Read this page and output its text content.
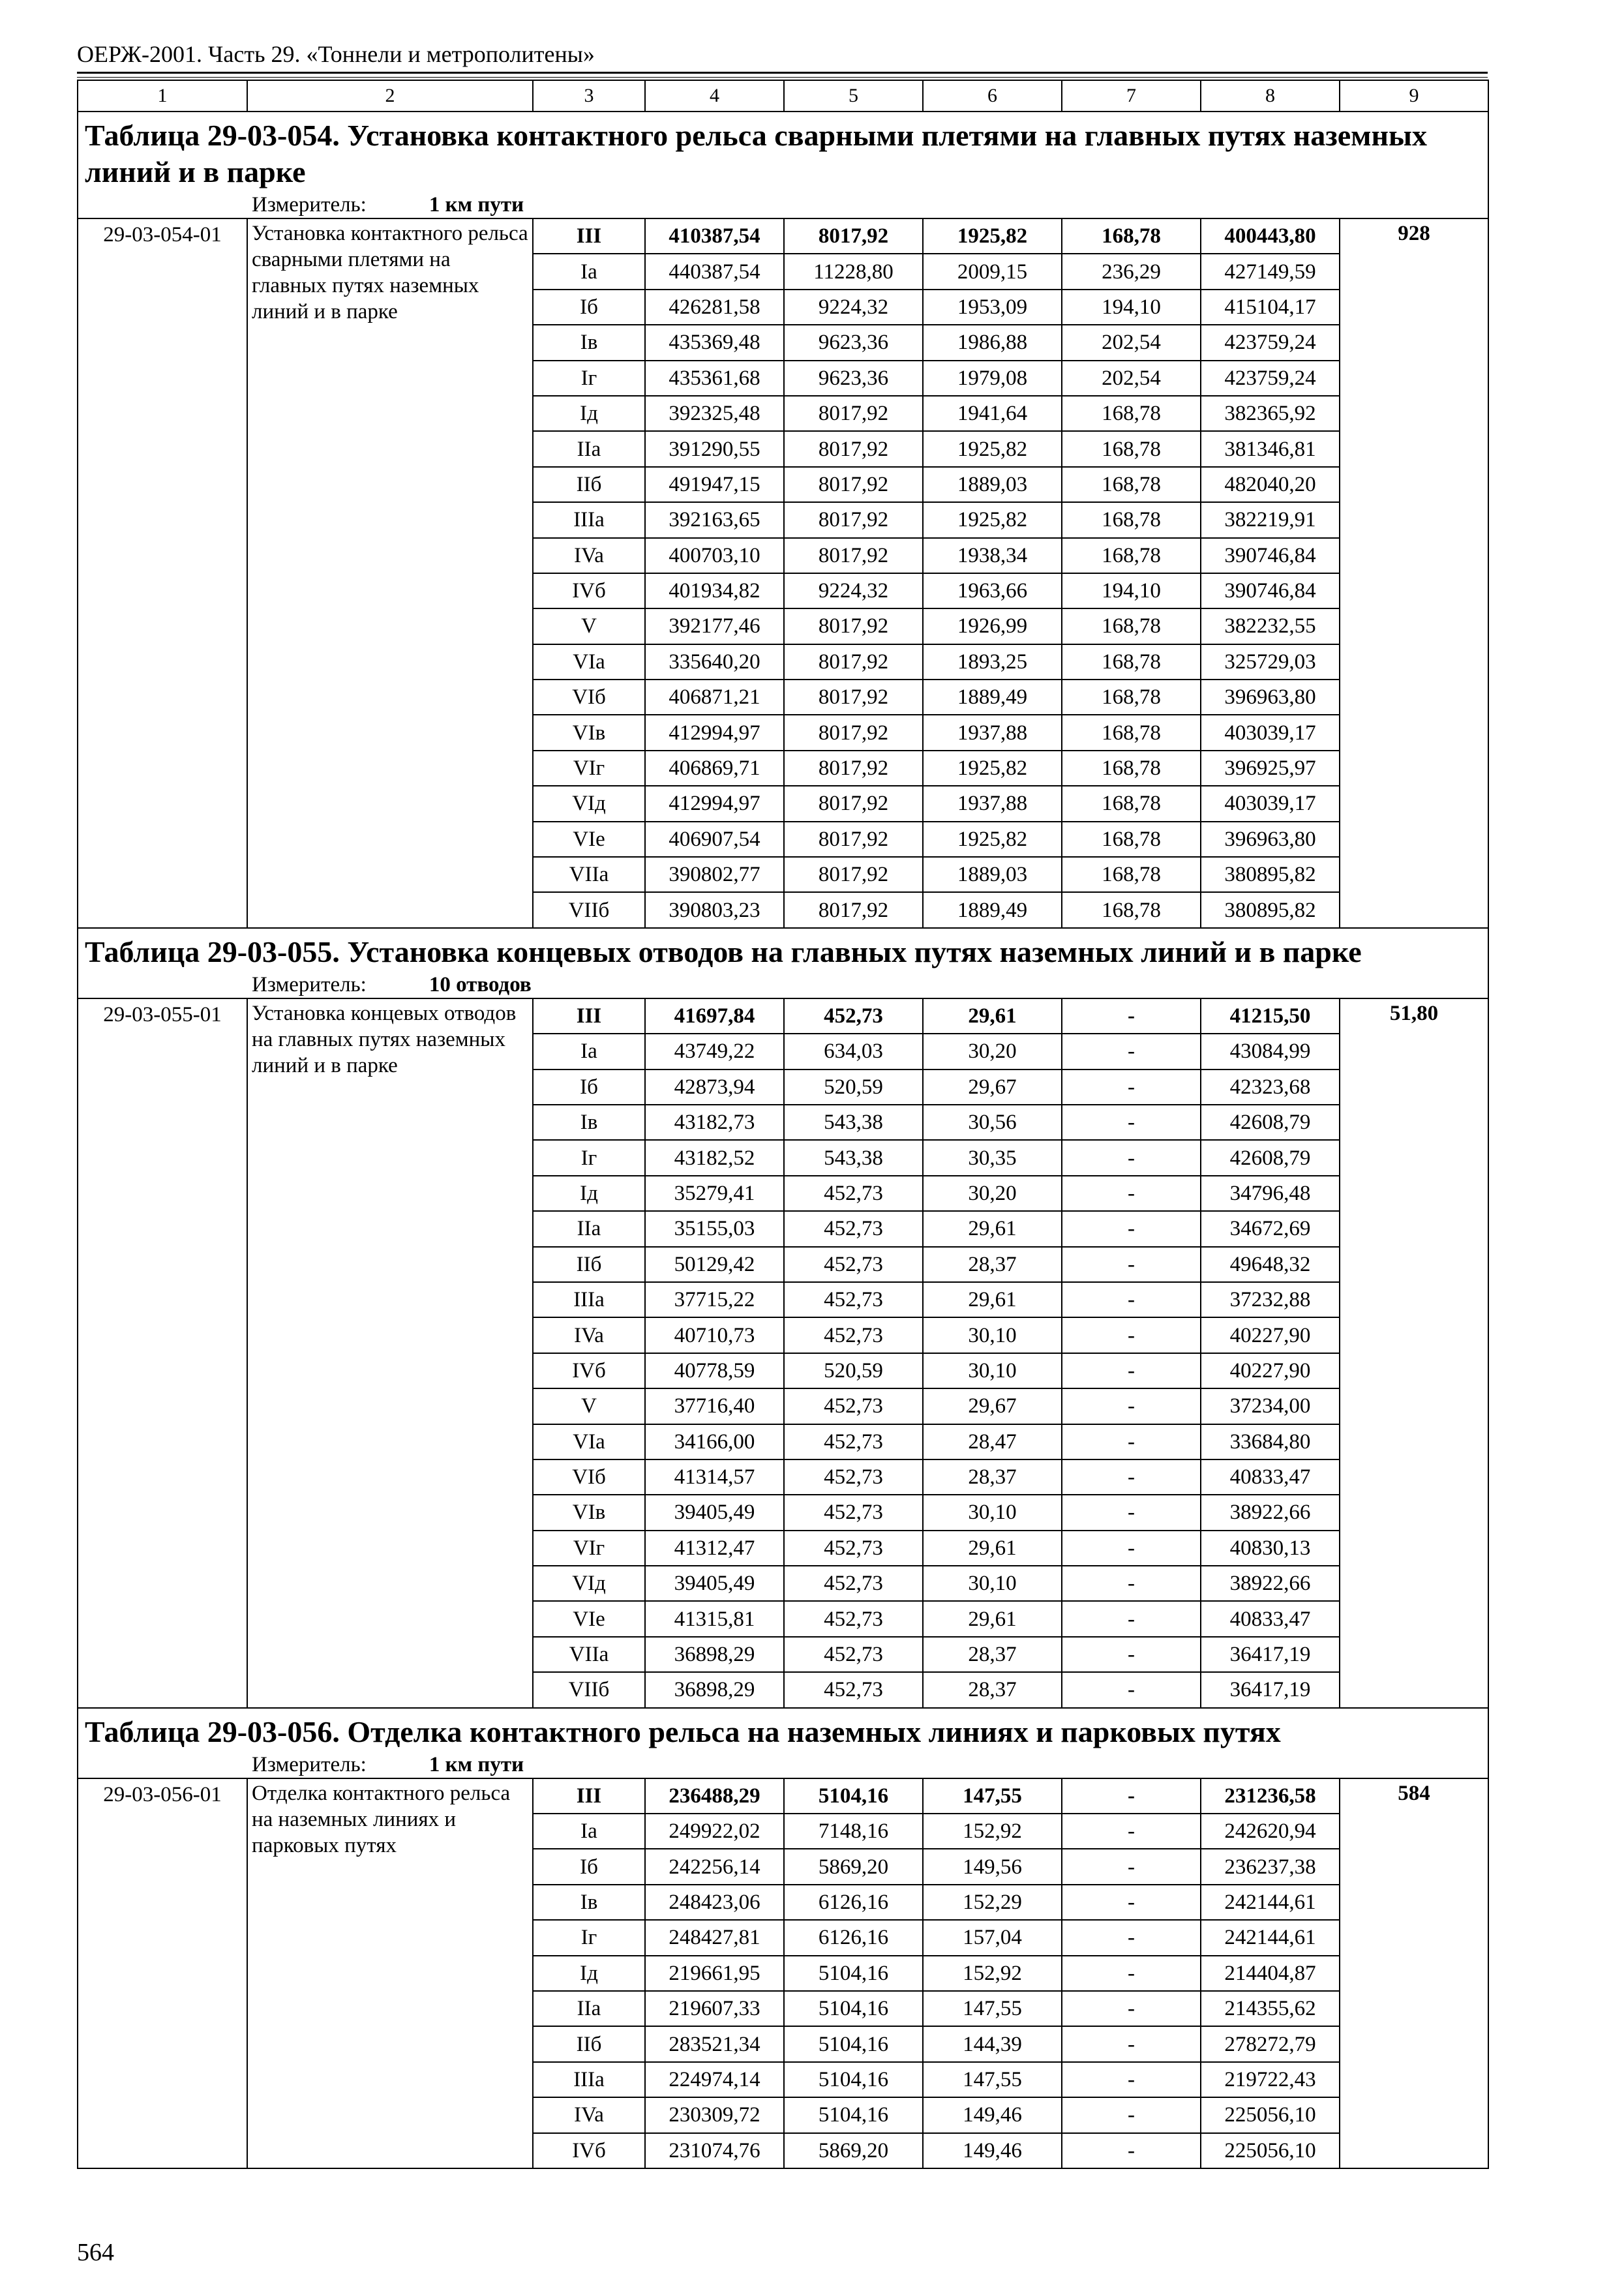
ОЕРЖ-2001. Часть 29. «Тоннели и метрополитены»
1	2	3	4	5	6	7	8	9

Таблица 29-03-054. Установка контактного рельса сварными плетями на главных путях наземных линий и в парке
Измеритель: 1 км пути								

29-03-054-01	Установка контактного рельса сварными плетями на главных путях наземных линий и в парке	III	410387,54	8017,92	1925,82	168,78	400443,80	928
		Ia	440387,54	11228,80	2009,15	236,29	427149,59	
		Iб	426281,58	9224,32	1953,09	194,10	415104,17	
		Iв	435369,48	9623,36	1986,88	202,54	423759,24	
		Iг	435361,68	9623,36	1979,08	202,54	423759,24	
		Iд	392325,48	8017,92	1941,64	168,78	382365,92	
		IIa	391290,55	8017,92	1925,82	168,78	381346,81	
		IIб	491947,15	8017,92	1889,03	168,78	482040,20	
		IIIa	392163,65	8017,92	1925,82	168,78	382219,91	
		IVa	400703,10	8017,92	1938,34	168,78	390746,84	
		IVб	401934,82	9224,32	1963,66	194,10	390746,84	
		V	392177,46	8017,92	1926,99	168,78	382232,55	
		VIa	335640,20	8017,92	1893,25	168,78	325729,03	
		VIб	406871,21	8017,92	1889,49	168,78	396963,80	
		VIв	412994,97	8017,92	1937,88	168,78	403039,17	
		VIг	406869,71	8017,92	1925,82	168,78	396925,97	
		VIд	412994,97	8017,92	1937,88	168,78	403039,17	
		VIе	406907,54	8017,92	1925,82	168,78	396963,80	
		VIIa	390802,77	8017,92	1889,03	168,78	380895,82	
		VIIб	390803,23	8017,92	1889,49	168,78	380895,82	

Таблица 29-03-055. Установка концевых отводов на главных путях наземных линий и в парке
Измеритель: 10 отводов								

29-03-055-01	Установка концевых отводов на главных путях наземных линий и в парке	III	41697,84	452,73	29,61	-	41215,50	51,80
		Ia	43749,22	634,03	30,20	-	43084,99	
		Iб	42873,94	520,59	29,67	-	42323,68	
		Iв	43182,73	543,38	30,56	-	42608,79	
		Iг	43182,52	543,38	30,35	-	42608,79	
		Iд	35279,41	452,73	30,20	-	34796,48	
		IIa	35155,03	452,73	29,61	-	34672,69	
		IIб	50129,42	452,73	28,37	-	49648,32	
		IIIa	37715,22	452,73	29,61	-	37232,88	
		IVa	40710,73	452,73	30,10	-	40227,90	
		IVб	40778,59	520,59	30,10	-	40227,90	
		V	37716,40	452,73	29,67	-	37234,00	
		VIa	34166,00	452,73	28,47	-	33684,80	
		VIб	41314,57	452,73	28,37	-	40833,47	
		VIв	39405,49	452,73	30,10	-	38922,66	
		VIг	41312,47	452,73	29,61	-	40830,13	
		VIд	39405,49	452,73	30,10	-	38922,66	
		VIе	41315,81	452,73	29,61	-	40833,47	
		VIIa	36898,29	452,73	28,37	-	36417,19	
		VIIб	36898,29	452,73	28,37	-	36417,19	

Таблица 29-03-056. Отделка контактного рельса на наземных линиях и парковых путях
Измеритель: 1 км пути								

29-03-056-01	Отделка контактного рельса на наземных линиях и парковых путях	III	236488,29	5104,16	147,55	-	231236,58	584
		Ia	249922,02	7148,16	152,92	-	242620,94	
		Iб	242256,14	5869,20	149,56	-	236237,38	
		Iв	248423,06	6126,16	152,29	-	242144,61	
		Iг	248427,81	6126,16	157,04	-	242144,61	
		Iд	219661,95	5104,16	152,92	-	214404,87	
		IIa	219607,33	5104,16	147,55	-	214355,62	
		IIб	283521,34	5104,16	144,39	-	278272,79	
		IIIa	224974,14	5104,16	147,55	-	219722,43	
		IVa	230309,72	5104,16	149,46	-	225056,10	
		IVб	231074,76	5869,20	149,46	-	225056,10	
564
